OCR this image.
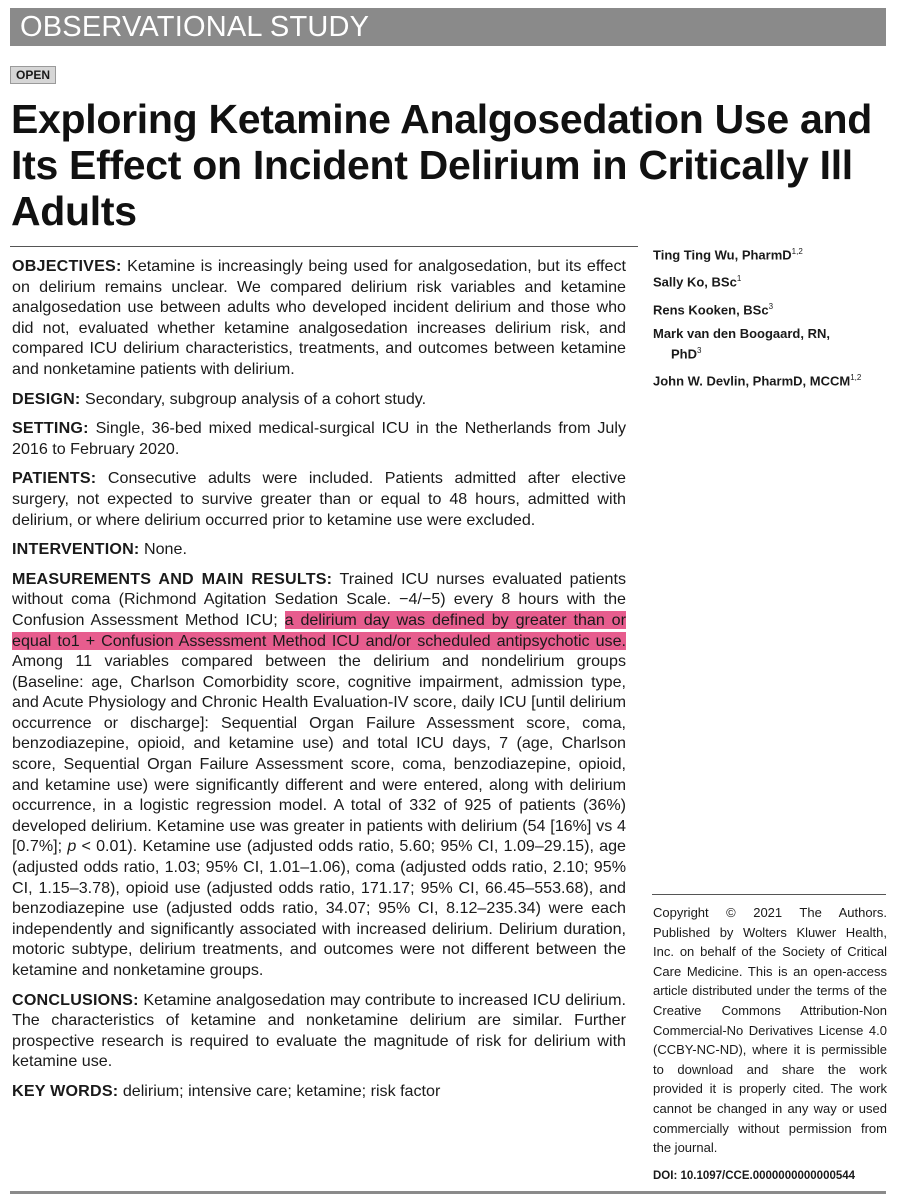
OBSERVATIONAL STUDY
OPEN
Exploring Ketamine Analgosedation Use and Its Effect on Incident Delirium in Critically Ill Adults

OBJECTIVES: Ketamine is increasingly being used for analgosedation, but its effect on delirium remains unclear. We compared delirium risk variables and ketamine analgosedation use between adults who developed incident delirium and those who did not, evaluated whether ketamine analgosedation increases delirium risk, and compared ICU delirium characteristics, treatments, and outcomes between ketamine and nonketamine patients with delirium.

DESIGN: Secondary, subgroup analysis of a cohort study.

SETTING: Single, 36-bed mixed medical-surgical ICU in the Netherlands from July 2016 to February 2020.

PATIENTS: Consecutive adults were included. Patients admitted after elective surgery, not expected to survive greater than or equal to 48 hours, admitted with delirium, or where delirium occurred prior to ketamine use were excluded.

INTERVENTION: None.

MEASUREMENTS AND MAIN RESULTS: Trained ICU nurses evaluated patients without coma (Richmond Agitation Sedation Scale. −4/−5) every 8 hours with the Confusion Assessment Method ICU; a delirium day was defined by greater than or equal to1 + Confusion Assessment Method ICU and/or scheduled antipsychotic use. Among 11 variables compared between the delirium and nondelirium groups (Baseline: age, Charlson Comorbidity score, cognitive impairment, admission type, and Acute Physiology and Chronic Health Evaluation-IV score, daily ICU [until delirium occurrence or discharge]: Sequential Organ Failure Assessment score, coma, benzodiazepine, opioid, and ketamine use) and total ICU days, 7 (age, Charlson score, Sequential Organ Failure Assessment score, coma, benzodiazepine, opioid, and ketamine use) were significantly different and were entered, along with delirium occurrence, in a logistic regression model. A total of 332 of 925 of patients (36%) developed delirium. Ketamine use was greater in patients with delirium (54 [16%] vs 4 [0.7%]; p < 0.01). Ketamine use (adjusted odds ratio, 5.60; 95% CI, 1.09–29.15), age (adjusted odds ratio, 1.03; 95% CI, 1.01–1.06), coma (adjusted odds ratio, 2.10; 95% CI, 1.15–3.78), opioid use (adjusted odds ratio, 171.17; 95% CI, 66.45–553.68), and benzodiazepine use (adjusted odds ratio, 34.07; 95% CI, 8.12–235.34) were each independently and significantly associated with increased delirium. Delirium duration, motoric subtype, delirium treatments, and outcomes were not different between the ketamine and nonketamine groups.

CONCLUSIONS: Ketamine analgosedation may contribute to increased ICU delirium. The characteristics of ketamine and nonketamine delirium are similar. Further prospective research is required to evaluate the magnitude of risk for delirium with ketamine use.

KEY WORDS: delirium; intensive care; ketamine; risk factor

Ting Ting Wu, PharmD$^{1,2}$
Sally Ko, BSc$^1$
Rens Kooken, BSc$^3$
Mark van den Boogaard, RN,
PhD$^3$
John W. Devlin, PharmD, MCCM$^{1,2}$
Copyright © 2021 The Authors. Published by Wolters Kluwer Health, Inc. on behalf of the Society of Critical Care Medicine. This is an open-access article distributed under the terms of the Creative Commons Attribution-Non Commercial-No Derivatives License 4.0 (CCBY-NC-ND), where it is permissible to download and share the work provided it is properly cited. The work cannot be changed in any way or used commercially without permission from the journal.
DOI: 10.1097/CCE.0000000000000544
